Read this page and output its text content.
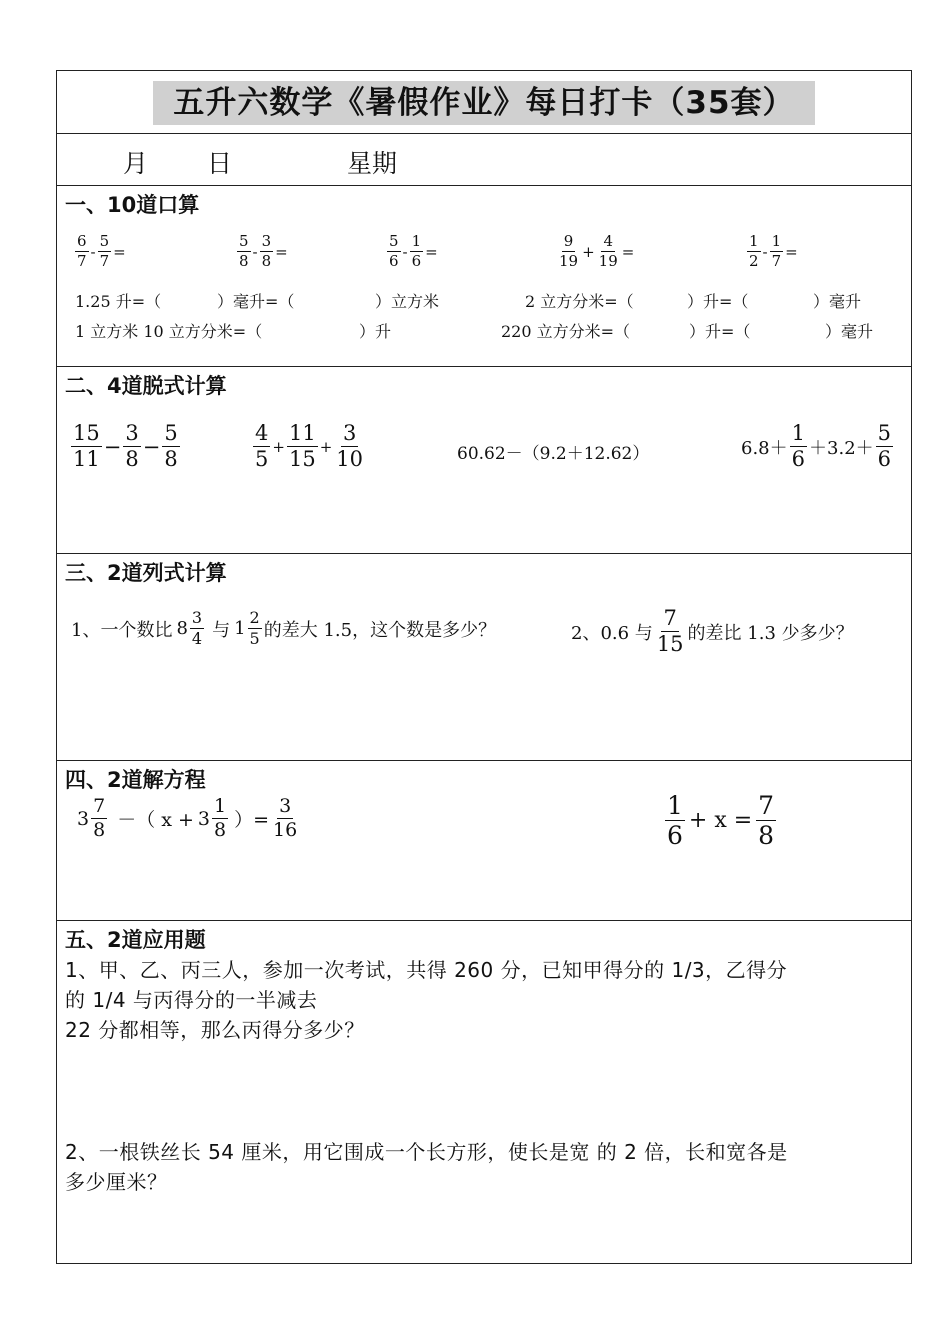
五升六数学《暑假作业》每日打卡（35套）
月 日	星期
一、10道口算
$\frac{6}{7} - \frac{5}{7}$ =	$\frac{5}{8} - \frac{3}{8}$ =	$\frac{5}{6} - \frac{1}{6}$ =	$\frac{9}{19} + \frac{4}{19}$ =	$\frac{1}{2} - \frac{1}{7}$ =
1.25 升=（	）毫升=（	）立方米	2 立方分米=（	）升=（	）毫升
1 立方米 10 立方分米=（	）升	220 立方分米=（	）升=（	）毫升
二、4道脱式计算
$\frac{15}{11} - \frac{3}{8} - \frac{5}{8}$	$\frac{4}{5} + \frac{11}{15} + \frac{3}{10}$	60.62－（9.2＋12.62）	$6.8+ \frac{1}{6} +3.2+ \frac{5}{6}$
三、2道列式计算
1、一个数比 $8 \frac{3}{4}$ 与 $1 \frac{2}{5}$ 的差大 1.5，这个数是多少？	2、0.6 与 $\frac{7}{15}$ 的差比 1.3 少多少？
四、2道解方程
$3 \frac{7}{8}$ －（ $x + 3 \frac{1}{8}$ ）= $\frac{3}{16}$	$\frac{1}{6} + x = \frac{7}{8}$
五、2道应用题
1、甲、乙、丙三人，参加一次考试，共得 260 分，已知甲得分的 1/3，乙得分
的 1/4 与丙得分的一半减去
22 分都相等，那么丙得分多少？
2、一根铁丝长 54 厘米，用它围成一个长方形，使长是宽 的 2 倍，长和宽各是
多少厘米？
